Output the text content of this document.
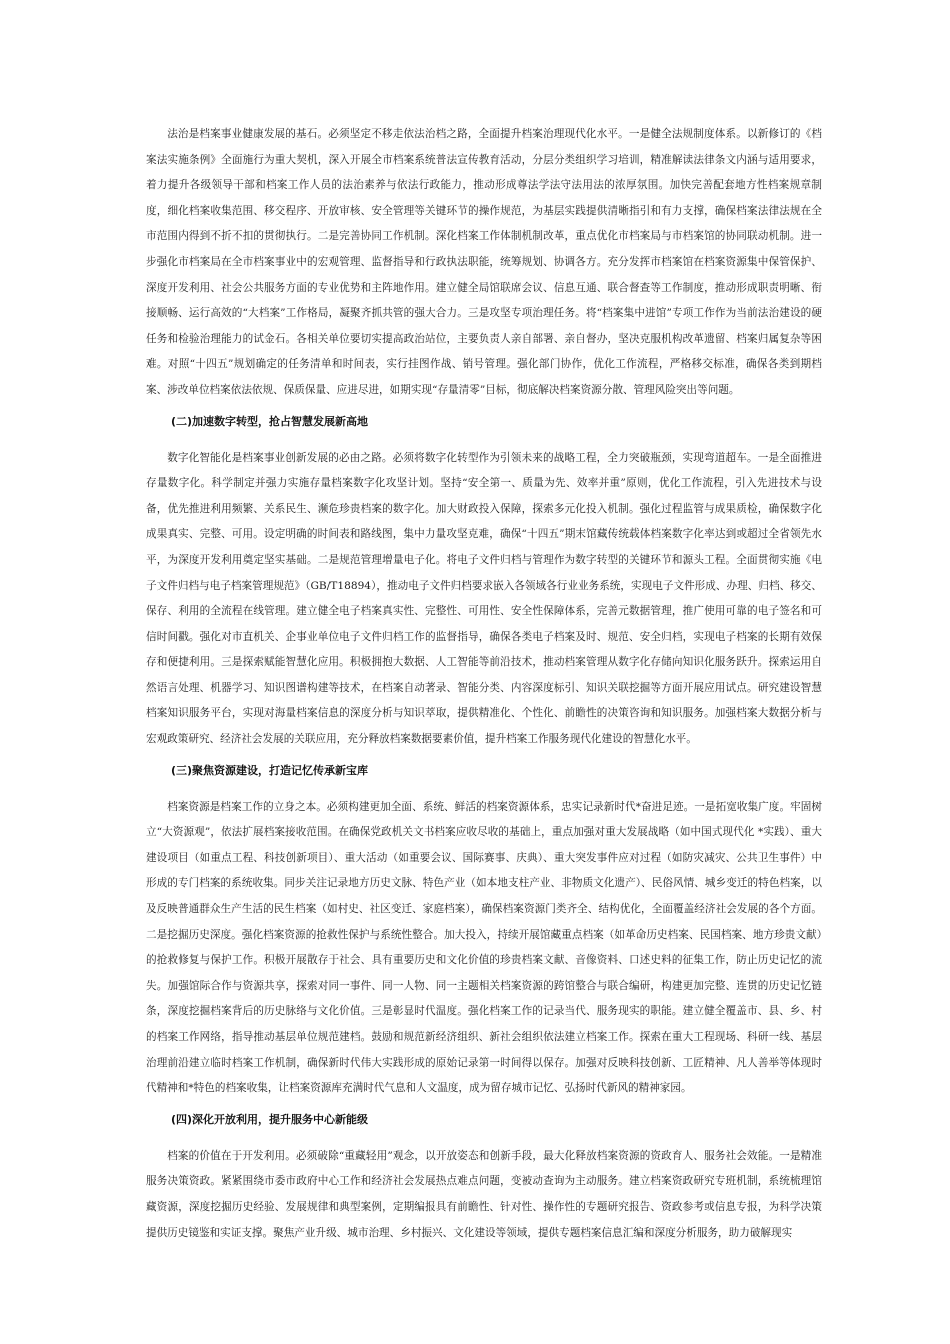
法治是档案事业健康发展的基石。必须坚定不移走依法治档之路，全面提升档案治理现代化水平。一是健全法规制度体系。以新修订的《档案法实施条例》全面施行为重大契机，深入开展全市档案系统普法宣传教育活动，分层分类组织学习培训，精准解读法律条文内涵与适用要求，着力提升各级领导干部和档案工作人员的法治素养与依法行政能力，推动形成尊法学法守法用法的浓厚氛围。加快完善配套地方性档案规章制度，细化档案收集范围、移交程序、开放审核、安全管理等关键环节的操作规范，为基层实践提供清晰指引和有力支撑，确保档案法律法规在全市范围内得到不折不扣的贯彻执行。二是完善协同工作机制。深化档案工作体制机制改革，重点优化市档案局与市档案馆的协同联动机制。进一步强化市档案局在全市档案事业中的宏观管理、监督指导和行政执法职能，统筹规划、协调各方。充分发挥市档案馆在档案资源集中保管保护、深度开发利用、社会公共服务方面的专业优势和主阵地作用。建立健全局馆联席会议、信息互通、联合督查等工作制度，推动形成职责明晰、衔接顺畅、运行高效的“大档案”工作格局，凝聚齐抓共管的强大合力。三是攻坚专项治理任务。将“档案集中进馆”专项工作作为当前法治建设的硬任务和检验治理能力的试金石。各相关单位要切实提高政治站位，主要负责人亲自部署、亲自督办，坚决克服机构改革遗留、档案归属复杂等困难。对照“十四五”规划确定的任务清单和时间表，实行挂图作战、销号管理。强化部门协作，优化工作流程，严格移交标准，确保各类到期档案、涉改单位档案依法依规、保质保量、应进尽进，如期实现“存量清零”目标，彻底解决档案资源分散、管理风险突出等问题。

(二)加速数字转型，抢占智慧发展新高地

数字化智能化是档案事业创新发展的必由之路。必须将数字化转型作为引领未来的战略工程，全力突破瓶颈，实现弯道超车。一是全面推进存量数字化。科学制定并强力实施存量档案数字化攻坚计划。坚持“安全第一、质量为先、效率并重”原则，优化工作流程，引入先进技术与设备，优先推进利用频繁、关系民生、濒危珍贵档案的数字化。加大财政投入保障，探索多元化投入机制。强化过程监管与成果质检，确保数字化成果真实、完整、可用。设定明确的时间表和路线图，集中力量攻坚克难，确保“十四五”期末馆藏传统载体档案数字化率达到或超过全省领先水平，为深度开发利用奠定坚实基础。二是规范管理增量电子化。将电子文件归档与管理作为数字转型的关键环节和源头工程。全面贯彻实施《电子文件归档与电子档案管理规范》（GB/T18894），推动电子文件归档要求嵌入各领域各行业业务系统，实现电子文件形成、办理、归档、移交、保存、利用的全流程在线管理。建立健全电子档案真实性、完整性、可用性、安全性保障体系，完善元数据管理，推广使用可靠的电子签名和可信时间戳。强化对市直机关、企事业单位电子文件归档工作的监督指导，确保各类电子档案及时、规范、安全归档，实现电子档案的长期有效保存和便捷利用。三是探索赋能智慧化应用。积极拥抱大数据、人工智能等前沿技术，推动档案管理从数字化存储向知识化服务跃升。探索运用自然语言处理、机器学习、知识图谱构建等技术，在档案自动著录、智能分类、内容深度标引、知识关联挖掘等方面开展应用试点。研究建设智慧档案知识服务平台，实现对海量档案信息的深度分析与知识萃取，提供精准化、个性化、前瞻性的决策咨询和知识服务。加强档案大数据分析与宏观政策研究、经济社会发展的关联应用，充分释放档案数据要素价值，提升档案工作服务现代化建设的智慧化水平。

(三)聚焦资源建设，打造记忆传承新宝库

档案资源是档案工作的立身之本。必须构建更加全面、系统、鲜活的档案资源体系，忠实记录新时代*奋进足迹。一是拓宽收集广度。牢固树立“大资源观”，依法扩展档案接收范围。在确保党政机关文书档案应收尽收的基础上，重点加强对重大发展战略（如中国式现代化 *实践）、重大建设项目（如重点工程、科技创新项目）、重大活动（如重要会议、国际赛事、庆典）、重大突发事件应对过程（如防灾减灾、公共卫生事件）中形成的专门档案的系统收集。同步关注记录地方历史文脉、特色产业（如本地支柱产业、非物质文化遗产）、民俗风情、城乡变迁的特色档案，以及反映普通群众生产生活的民生档案（如村史、社区变迁、家庭档案），确保档案资源门类齐全、结构优化，全面覆盖经济社会发展的各个方面。二是挖掘历史深度。强化档案资源的抢救性保护与系统性整合。加大投入，持续开展馆藏重点档案（如革命历史档案、民国档案、地方珍贵文献）的抢救修复与保护工作。积极开展散存于社会、具有重要历史和文化价值的珍贵档案文献、音像资料、口述史料的征集工作，防止历史记忆的流失。加强馆际合作与资源共享，探索对同一事件、同一人物、同一主题相关档案资源的跨馆整合与联合编研，构建更加完整、连贯的历史记忆链条，深度挖掘档案背后的历史脉络与文化价值。三是彰显时代温度。强化档案工作的记录当代、服务现实的职能。建立健全覆盖市、县、乡、村的档案工作网络，指导推动基层单位规范建档。鼓励和规范新经济组织、新社会组织依法建立档案工作。探索在重大工程现场、科研一线、基层治理前沿建立临时档案工作机制，确保新时代伟大实践形成的原始记录第一时间得以保存。加强对反映科技创新、工匠精神、凡人善举等体现时代精神和*特色的档案收集，让档案资源库充满时代气息和人文温度，成为留存城市记忆、弘扬时代新风的精神家园。

(四)深化开放利用，提升服务中心新能级

档案的价值在于开发利用。必须破除“重藏轻用”观念，以开放姿态和创新手段，最大化释放档案资源的资政育人、服务社会效能。一是精准服务决策资政。紧紧围绕市委市政府中心工作和经济社会发展热点难点问题，变被动查询为主动服务。建立档案资政研究专班机制，系统梳理馆藏资源，深度挖掘历史经验、发展规律和典型案例，定期编报具有前瞻性、针对性、操作性的专题研究报告、资政参考或信息专报，为科学决策提供历史镜鉴和实证支撑。聚焦产业升级、城市治理、乡村振兴、文化建设等领域，提供专题档案信息汇编和深度分析服务，助力破解现实
